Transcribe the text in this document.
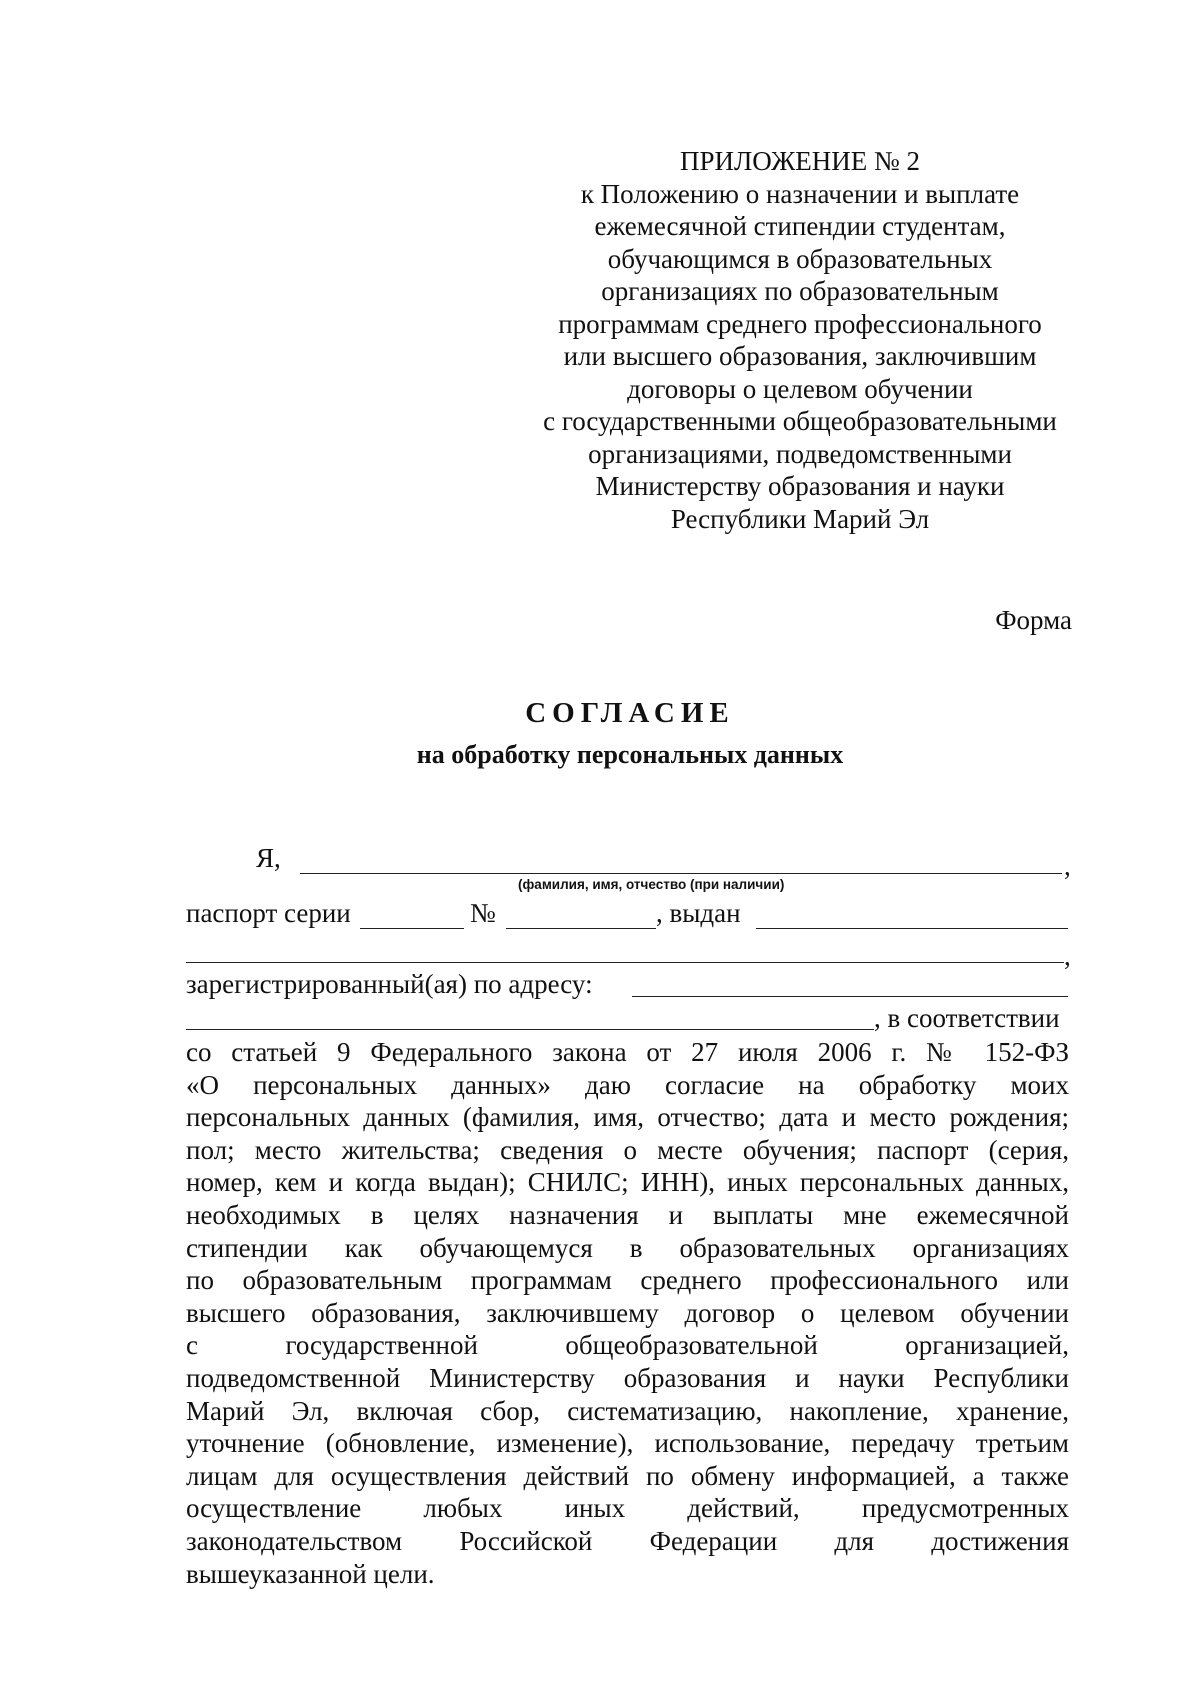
ПРИЛОЖЕНИЕ № 2
к Положению о назначении и выплате
ежемесячной стипендии студентам,
обучающимся в образовательных
организациях по образовательным
программам среднего профессионального
или высшего образования, заключившим
договоры о целевом обучении
с государственными общеобразовательными
организациями, подведомственными
Министерству образования и науки
Республики Марий Эл
Форма
СОГЛАСИЕ
на обработку персональных данных
Я,	,
(фамилия, имя, отчество (при наличии)
паспорт серии	№	, выдан
,
зарегистрированный(ая) по адресу:
, в соответствии
со статьей 9 Федерального закона от 27 июля 2006 г. № 152-ФЗ
«О персональных данных» даю согласие на обработку моих
персональных данных (фамилия, имя, отчество; дата и место рождения;
пол; место жительства; сведения о месте обучения; паспорт (серия,
номер, кем и когда выдан); СНИЛС; ИНН), иных персональных данных,
необходимых в целях назначения и выплаты мне ежемесячной
стипендии как обучающемуся в образовательных организациях
по образовательным программам среднего профессионального или
высшего образования, заключившему договор о целевом обучении
с государственной общеобразовательной организацией,
подведомственной Министерству образования и науки Республики
Марий Эл, включая сбор, систематизацию, накопление, хранение,
уточнение (обновление, изменение), использование, передачу третьим
лицам для осуществления действий по обмену информацией, а также
осуществление любых иных действий, предусмотренных
законодательством Российской Федерации для достижения
вышеуказанной цели.
